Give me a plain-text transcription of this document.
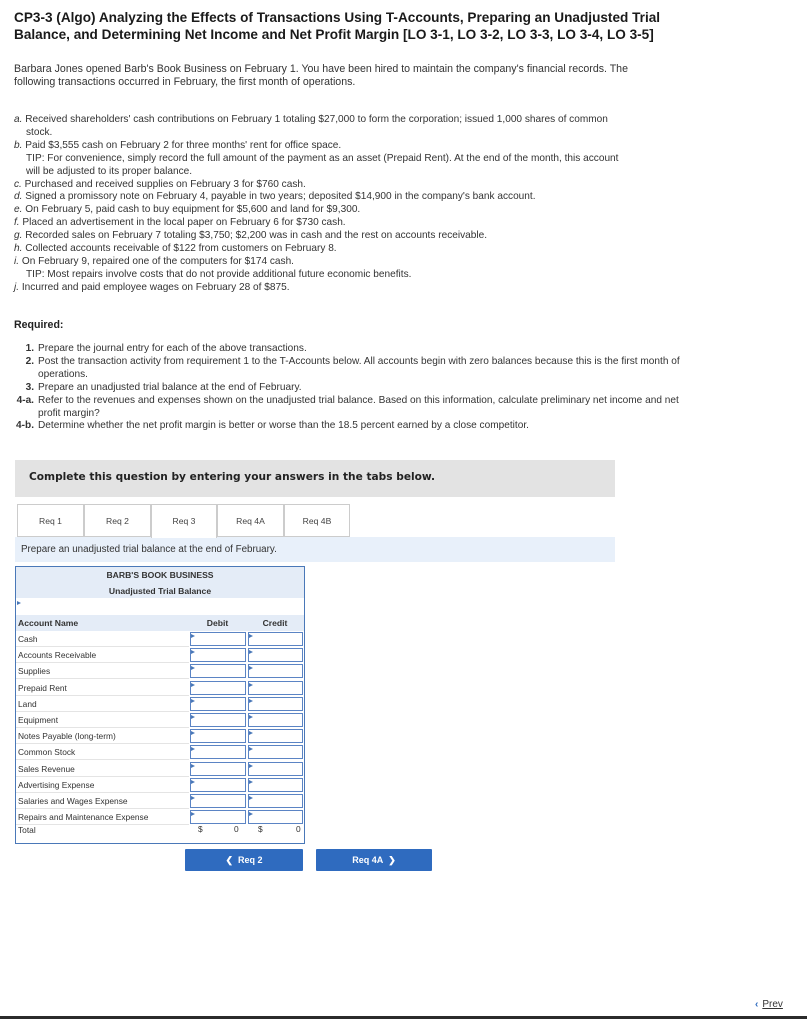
CP3-3 (Algo) Analyzing the Effects of Transactions Using T-Accounts, Preparing an Unadjusted Trial Balance, and Determining Net Income and Net Profit Margin [LO 3-1, LO 3-2, LO 3-3, LO 3-4, LO 3-5]
Barbara Jones opened Barb's Book Business on February 1. You have been hired to maintain the company's financial records. The following transactions occurred in February, the first month of operations.
a. Received shareholders' cash contributions on February 1 totaling $27,000 to form the corporation; issued 1,000 shares of common
stock.
b. Paid $3,555 cash on February 2 for three months' rent for office space.
TIP: For convenience, simply record the full amount of the payment as an asset (Prepaid Rent). At the end of the month, this account
will be adjusted to its proper balance.
c. Purchased and received supplies on February 3 for $760 cash.
d. Signed a promissory note on February 4, payable in two years; deposited $14,900 in the company's bank account.
e. On February 5, paid cash to buy equipment for $5,600 and land for $9,300.
f. Placed an advertisement in the local paper on February 6 for $730 cash.
g. Recorded sales on February 7 totaling $3,750; $2,200 was in cash and the rest on accounts receivable.
h. Collected accounts receivable of $122 from customers on February 8.
i. On February 9, repaired one of the computers for $174 cash.
TIP: Most repairs involve costs that do not provide additional future economic benefits.
j. Incurred and paid employee wages on February 28 of $875.
Required:
1. Prepare the journal entry for each of the above transactions.
2. Post the transaction activity from requirement 1 to the T-Accounts below. All accounts begin with zero balances because this is the first month of operations.
3. Prepare an unadjusted trial balance at the end of February.
4-a. Refer to the revenues and expenses shown on the unadjusted trial balance. Based on this information, calculate preliminary net income and net profit margin?
4-b. Determine whether the net profit margin is better or worse than the 18.5 percent earned by a close competitor.
Complete this question by entering your answers in the tabs below.
Req 1	Req 2	Req 3	Req 4A	Req 4B
Prepare an unadjusted trial balance at the end of February.
BARB'S BOOK BUSINESS
Unadjusted Trial Balance
Account Name	Debit	Credit
Cash
Accounts Receivable
Supplies
Prepaid Rent
Land
Equipment
Notes Payable (long-term)
Common Stock
Sales Revenue
Advertising Expense
Salaries and Wages Expense
Repairs and Maintenance Expense
Total	$	0 $	0
❮ Req 2	Req 4A ❯
‹ Prev
